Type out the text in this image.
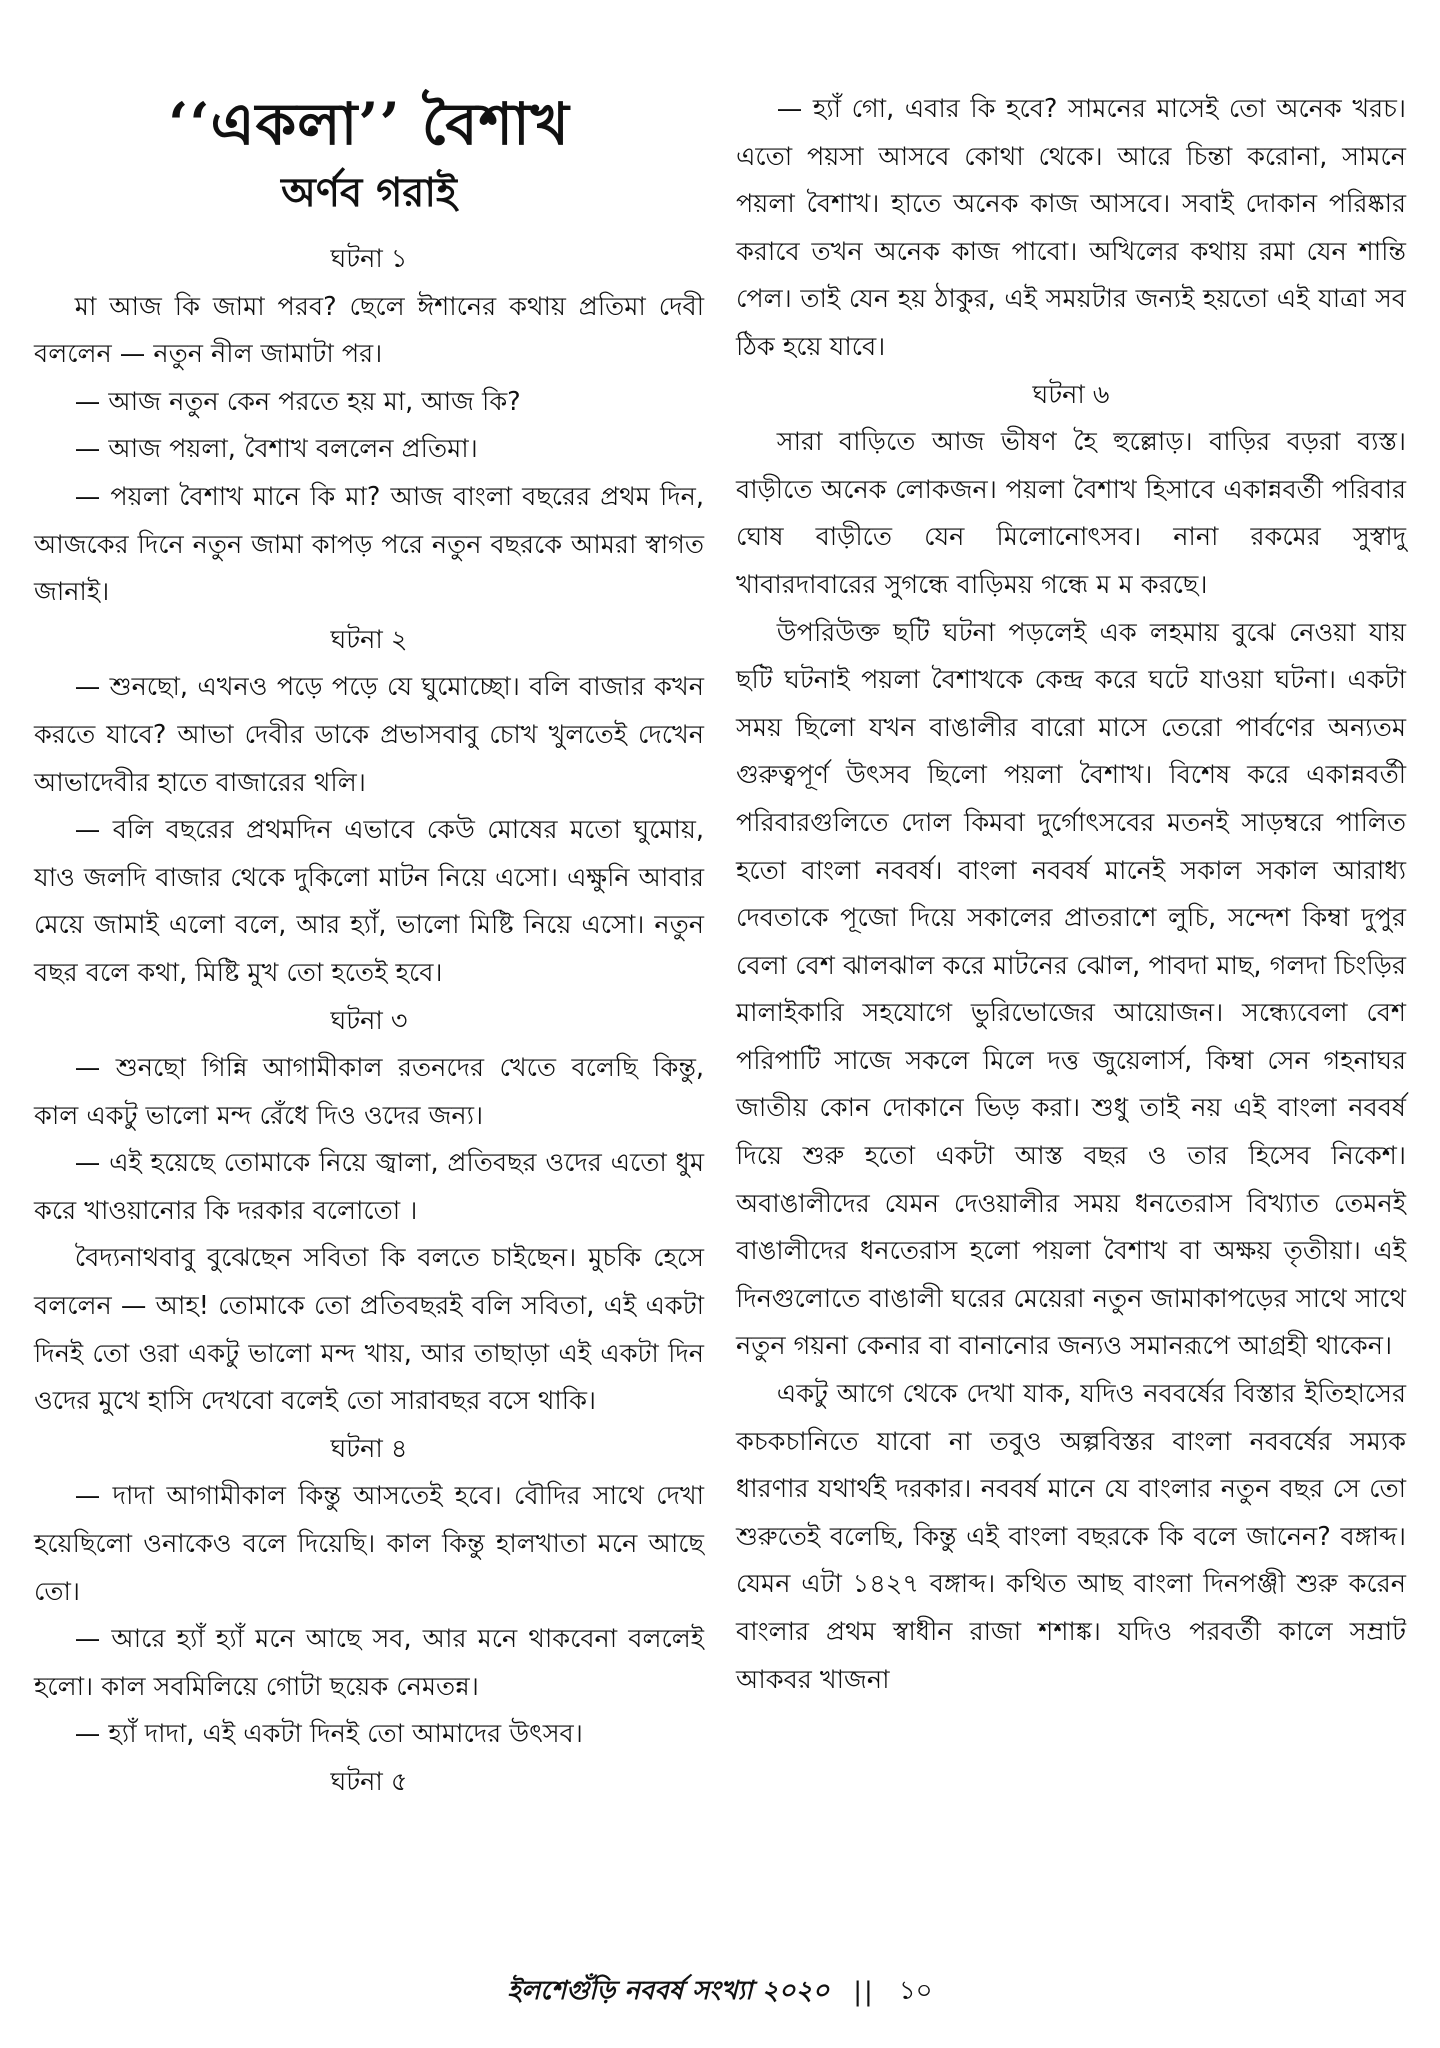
‘‘একলা’’ বৈশাখ
অর্ণব গরাই
ঘটনা ১
মা আজ কি জামা পরব? ছেলে ঈশানের কথায় প্রতিমা দেবী বললেন — নতুন নীল জামাটা পর।
— আজ নতুন কেন পরতে হয় মা, আজ কি?
— আজ পয়লা, বৈশাখ বললেন প্রতিমা।
— পয়লা বৈশাখ মানে কি মা? আজ বাংলা বছরের প্রথম দিন, আজকের দিনে নতুন জামা কাপড় পরে নতুন বছরকে আমরা স্বাগত জানাই।
ঘটনা ২
— শুনছো, এখনও পড়ে পড়ে যে ঘুমোচ্ছো। বলি বাজার কখন করতে যাবে? আভা দেবীর ডাকে প্রভাসবাবু চোখ খুলতেই দেখেন আভাদেবীর হাতে বাজারের থলি।
— বলি বছরের প্রথমদিন এভাবে কেউ মোষের মতো ঘুমোয়, যাও জলদি বাজার থেকে দুকিলো মাটন নিয়ে এসো। এক্ষুনি আবার মেয়ে জামাই এলো বলে, আর হ্যাঁ, ভালো মিষ্টি নিয়ে এসো। নতুন বছর বলে কথা, মিষ্টি মুখ তো হতেই হবে।
ঘটনা ৩
— শুনছো গিন্নি আগামীকাল রতনদের খেতে বলেছি কিন্তু, কাল একটু ভালো মন্দ রেঁধে দিও ওদের জন্য।
— এই হয়েছে তোমাকে নিয়ে জ্বালা, প্রতিবছর ওদের এতো ধুম করে খাওয়ানোর কি দরকার বলোতো ।
বৈদ্যনাথবাবু বুঝেছেন সবিতা কি বলতে চাইছেন। মুচকি হেসে বললেন — আহ! তোমাকে তো প্রতিবছরই বলি সবিতা, এই একটা দিনই তো ওরা একটু ভালো মন্দ খায়, আর তাছাড়া এই একটা দিন ওদের মুখে হাসি দেখবো বলেই তো সারাবছর বসে থাকি।
ঘটনা ৪
— দাদা আগামীকাল কিন্তু আসতেই হবে। বৌদির সাথে দেখা হয়েছিলো ওনাকেও বলে দিয়েছি। কাল কিন্তু হালখাতা মনে আছে তো।
— আরে হ্যাঁ হ্যাঁ মনে আছে সব, আর মনে থাকবেনা বললেই হলো। কাল সবমিলিয়ে গোটা ছয়েক নেমতন্ন।
— হ্যাঁ দাদা, এই একটা দিনই তো আমাদের উৎসব।
ঘটনা ৫
— হ্যাঁ গো, এবার কি হবে? সামনের মাসেই তো অনেক খরচ। এতো পয়সা আসবে কোথা থেকে। আরে চিন্তা করোনা, সামনে পয়লা বৈশাখ। হাতে অনেক কাজ আসবে। সবাই দোকান পরিষ্কার করাবে তখন অনেক কাজ পাবো। অখিলের কথায় রমা যেন শান্তি পেল। তাই যেন হয় ঠাকুর, এই সময়টার জন্যই হয়তো এই যাত্রা সব ঠিক হয়ে যাবে।
ঘটনা ৬
সারা বাড়িতে আজ ভীষণ হৈ হুল্লোড়। বাড়ির বড়রা ব্যস্ত। বাড়ীতে অনেক লোকজন। পয়লা বৈশাখ হিসাবে একান্নবর্তী পরিবার ঘোষ বাড়ীতে যেন মিলোনোৎসব। নানা রকমের সুস্বাদু খাবারদাবারের সুগন্ধে বাড়িময় গন্ধে ম ম করছে।
উপরিউক্ত ছটি ঘটনা পড়লেই এক লহমায় বুঝে নেওয়া যায় ছটি ঘটনাই পয়লা বৈশাখকে কেন্দ্র করে ঘটে যাওয়া ঘটনা। একটা সময় ছিলো যখন বাঙালীর বারো মাসে তেরো পার্বণের অন্যতম গুরুত্বপূর্ণ উৎসব ছিলো পয়লা বৈশাখ। বিশেষ করে একান্নবর্তী পরিবারগুলিতে দোল কিমবা দুর্গোৎসবের মতনই সাড়ম্বরে পালিত হতো বাংলা নববর্ষ। বাংলা নববর্ষ মানেই সকাল সকাল আরাধ্য দেবতাকে পূজো দিয়ে সকালের প্রাতরাশে লুচি, সন্দেশ কিম্বা দুপুর বেলা বেশ ঝালঝাল করে মাটনের ঝোল, পাবদা মাছ, গলদা চিংড়ির মালাইকারি সহযোগে ভুরিভোজের আয়োজন। সন্ধ্যেবেলা বেশ পরিপাটি সাজে সকলে মিলে দত্ত জুয়েলার্স, কিম্বা সেন গহনাঘর জাতীয় কোন দোকানে ভিড় করা। শুধু তাই নয় এই বাংলা নববর্ষ দিয়ে শুরু হতো একটা আস্ত বছর ও তার হিসেব নিকেশ। অবাঙালীদের যেমন দেওয়ালীর সময় ধনতেরাস বিখ্যাত তেমনই বাঙালীদের ধনতেরাস হলো পয়লা বৈশাখ বা অক্ষয় তৃতীয়া। এই দিনগুলোতে বাঙালী ঘরের মেয়েরা নতুন জামাকাপড়ের সাথে সাথে নতুন গয়না কেনার বা বানানোর জন্যও সমানরূপে আগ্রহী থাকেন।
একটু আগে থেকে দেখা যাক, যদিও নববর্ষের বিস্তার ইতিহাসের কচকচানিতে যাবো না তবুও অল্পবিস্তর বাংলা নববর্ষের সম্যক ধারণার যথার্থই দরকার। নববর্ষ মানে যে বাংলার নতুন বছর সে তো শুরুতেই বলেছি, কিন্তু এই বাংলা বছরকে কি বলে জানেন? বঙ্গাব্দ। যেমন এটা ১৪২৭ বঙ্গাব্দ। কথিত আছ বাংলা দিনপঞ্জী শুরু করেন বাংলার প্রথম স্বাধীন রাজা শশাঙ্ক। যদিও পরবর্তী কালে সম্রাট আকবর খাজনা
ইলশেগুঁড়ি নববর্ষ সংখ্যা ২০২০ || ১০
